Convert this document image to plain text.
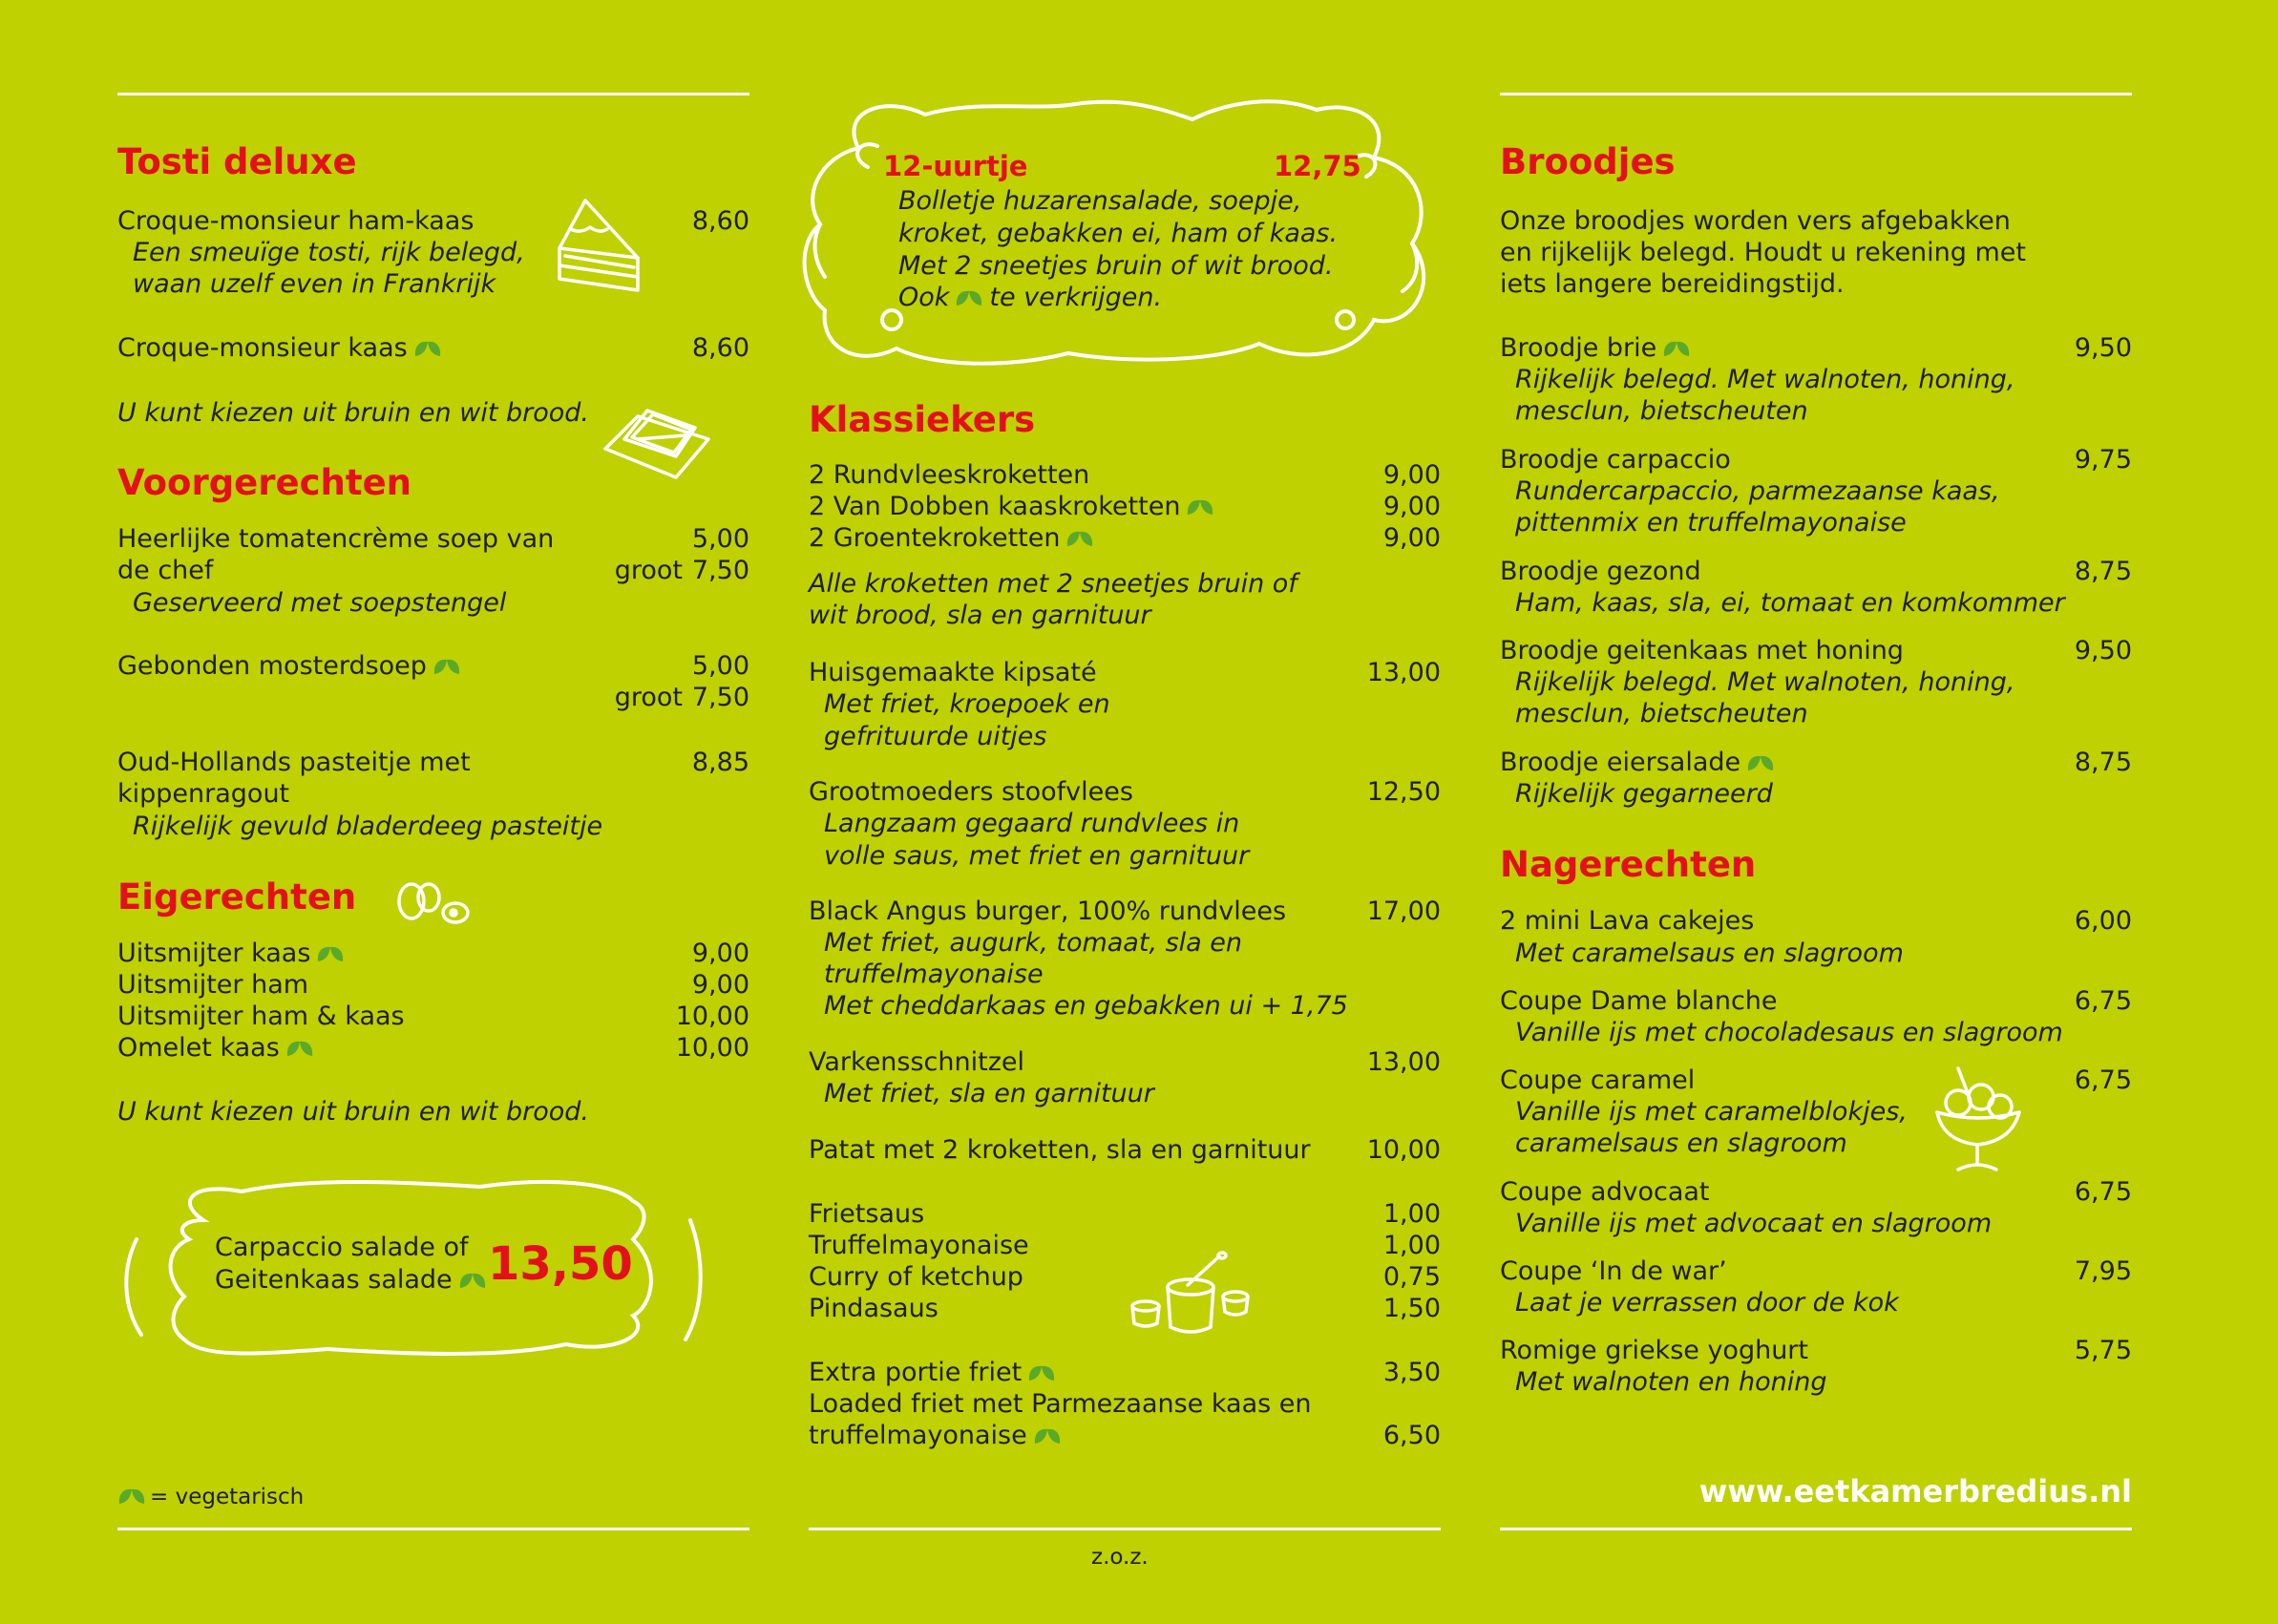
Tosti deluxe
Croque-monsieur ham-kaas	8,60
Een smeuïge tosti, rijk belegd,
waan uzelf even in Frankrijk
Croque-monsieur kaas	8,60
U kunt kiezen uit bruin en wit brood.
Voorgerechten
Heerlijke tomatencrème soep van	5,00
de chef	groot 7,50
Geserveerd met soepstengel
Gebonden mosterdsoep	5,00
groot 7,50
Oud-Hollands pasteitje met	8,85
kippenragout
Rijkelijk gevuld bladerdeeg pasteitje
Eigerechten
Uitsmijter kaas	9,00
Uitsmijter ham	9,00
Uitsmijter ham & kaas	10,00
Omelet kaas	10,00
U kunt kiezen uit bruin en wit brood.
Carpaccio salade of
Geitenkaas salade 13,50
= vegetarisch
12-uurtje	12,75
Bolletje huzarensalade, soepje,
kroket, gebakken ei, ham of kaas.
Met 2 sneetjes bruin of wit brood.
Ook te verkrijgen.
Klassiekers
2 Rundvleeskroketten	9,00
2 Van Dobben kaaskroketten	9,00
2 Groentekroketten	9,00
Alle kroketten met 2 sneetjes bruin of
wit brood, sla en garnituur
Huisgemaakte kipsaté	13,00
Met friet, kroepoek en
gefrituurde uitjes
Grootmoeders stoofvlees	12,50
Langzaam gegaard rundvlees in
volle saus, met friet en garnituur
Black Angus burger, 100% rundvlees	17,00
Met friet, augurk, tomaat, sla en
truffelmayonaise
Met cheddarkaas en gebakken ui + 1,75
Varkensschnitzel	13,00
Met friet, sla en garnituur
Patat met 2 kroketten, sla en garnituur 10,00
Frietsaus	1,00
Truffelmayonaise	1,00
Curry of ketchup	0,75
Pindasaus	1,50
Extra portie friet	3,50
Loaded friet met Parmezaanse kaas en
truffelmayonaise	6,50
z.o.z.
Broodjes
Onze broodjes worden vers afgebakken
en rijkelijk belegd. Houdt u rekening met
iets langere bereidingstijd.
Broodje brie	9,50
Rijkelijk belegd. Met walnoten, honing,
mesclun, bietscheuten
Broodje carpaccio	9,75
Rundercarpaccio, parmezaanse kaas,
pittenmix en truffelmayonaise
Broodje gezond	8,75
Ham, kaas, sla, ei, tomaat en komkommer
Broodje geitenkaas met honing	9,50
Rijkelijk belegd. Met walnoten, honing,
mesclun, bietscheuten
Broodje eiersalade	8,75
Rijkelijk gegarneerd
Nagerechten
2 mini Lava cakejes	6,00
Met caramelsaus en slagroom
Coupe Dame blanche	6,75
Vanille ijs met chocoladesaus en slagroom
Coupe caramel	6,75
Vanille ijs met caramelblokjes,
caramelsaus en slagroom
Coupe advocaat	6,75
Vanille ijs met advocaat en slagroom
Coupe ‘In de war’	7,95
Laat je verrassen door de kok
Romige griekse yoghurt	5,75
Met walnoten en honing
www.eetkamerbredius.nl
